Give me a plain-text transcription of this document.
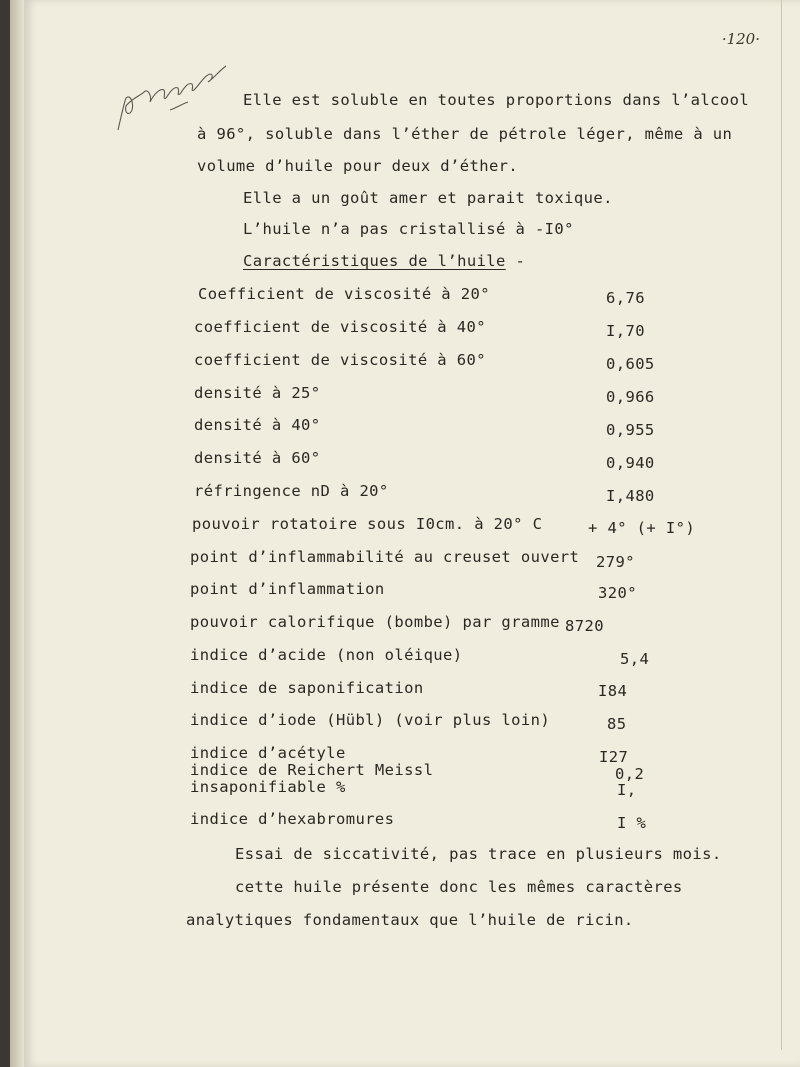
·120·
Elle est soluble en toutes proportions dans l’alcool
à 96°, soluble dans l’éther de pétrole léger, même à un
volume d’huile pour deux d’éther.
Elle a un goût amer et parait toxique.
L’huile n’a pas cristallisé à -I0°
Caractéristiques de l’huile -
Coefficient de viscosité à 20°	6,76
coefficient de viscosité à 40°	I,70
coefficient de viscosité à 60°	0,605
densité à 25°	0,966
densité à 40°	0,955
densité à 60°	0,940
réfringence nD à 20°	I,480
pouvoir rotatoire sous I0cm. à 20° C	+ 4° (+ I°)
point d’inflammabilité au creuset ouvert 279°
point d’inflammation	320°
pouvoir calorifique (bombe) par gramme 8720
indice d’acide (non oléique)	5,4
indice de saponification	I84
indice d’iode (Hübl) (voir plus loin)	85
indice d’acétyle	I27
indice de Reichert Meissl	0,2
insaponifiable %	I,
indice d’hexabromures	I %
Essai de siccativité, pas trace en plusieurs mois.
cette huile présente donc les mêmes caractères
analytiques fondamentaux que l’huile de ricin.
